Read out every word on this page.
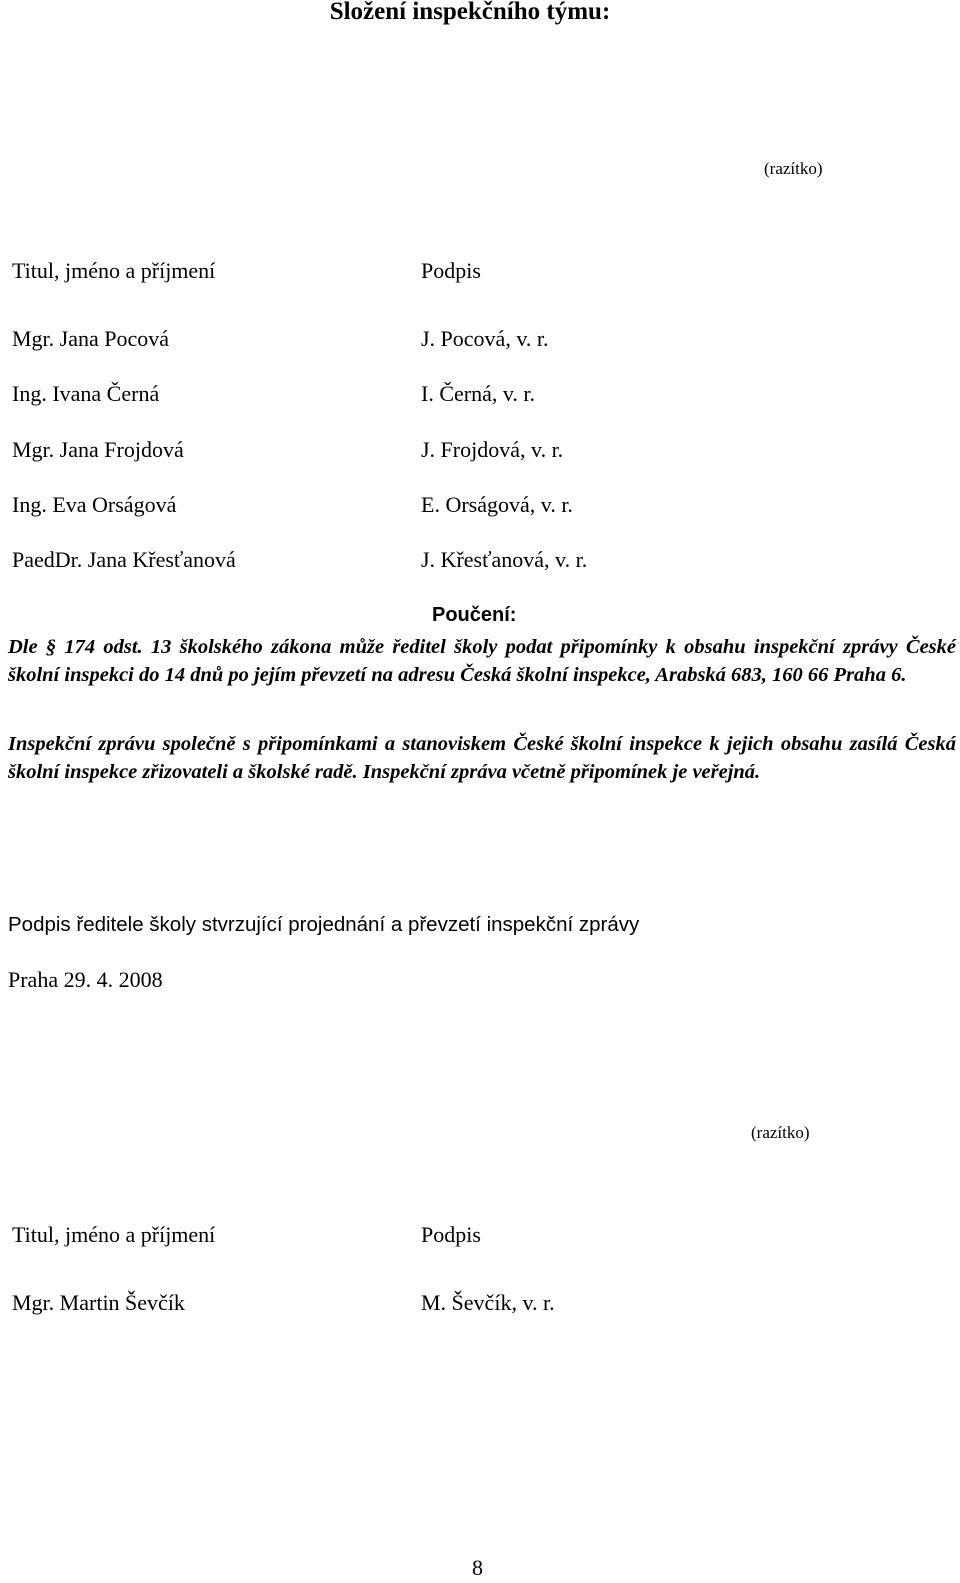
Složení inspekčního týmu:
(razítko)
Titul, jméno a příjmení	Podpis
Mgr. Jana Pocová	J. Pocová, v. r.
Ing. Ivana Černá	I. Černá, v. r.
Mgr. Jana Frojdová	J. Frojdová, v. r.
Ing. Eva Orságová	E. Orságová, v. r.
PaedDr. Jana Křesťanová	J. Křesťanová, v. r.
Poučení:
Dle § 174 odst. 13 školského zákona může ředitel školy podat připomínky k obsahu inspekční zprávy České školní inspekci do 14 dnů po jejím převzetí na adresu Česká školní inspekce, Arabská 683, 160 66 Praha 6.
Inspekční zprávu společně s připomínkami a stanoviskem České školní inspekce k jejich obsahu zasílá Česká školní inspekce zřizovateli a školské radě. Inspekční zpráva včetně připomínek je veřejná.
Podpis ředitele školy stvrzující projednání a převzetí inspekční zprávy
Praha 29. 4. 2008
(razítko)
Titul, jméno a příjmení	Podpis
Mgr. Martin Ševčík	M. Ševčík, v. r.
8
